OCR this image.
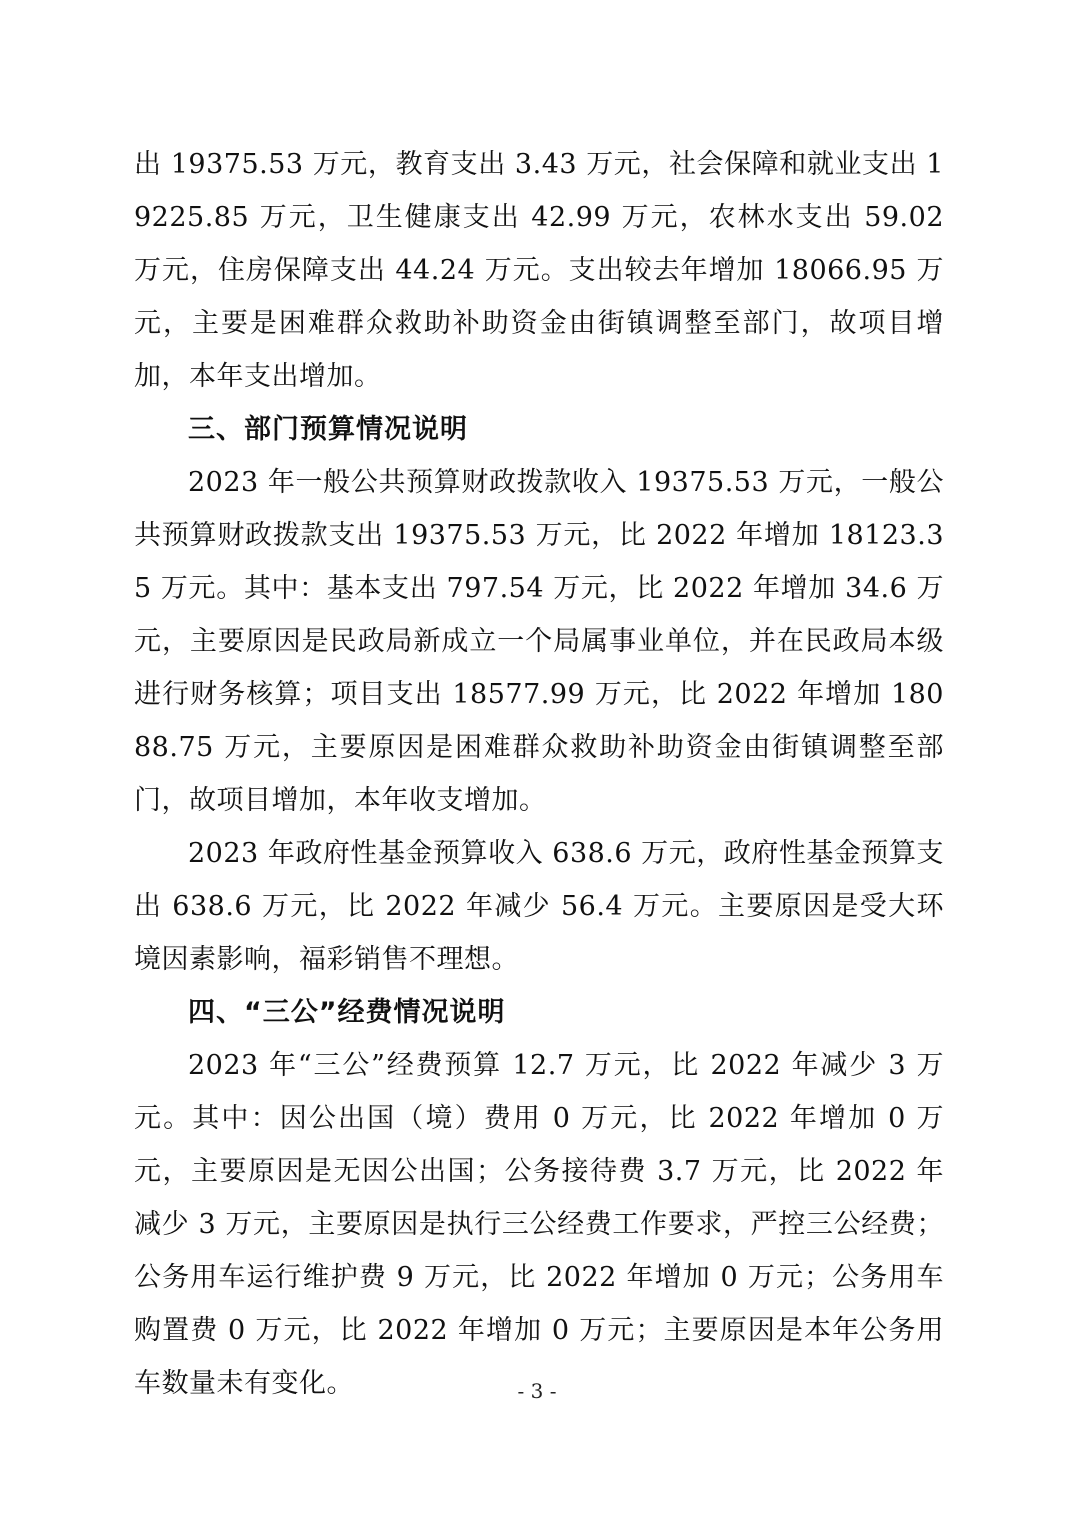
出 19375.53 万元，教育支出 3.43 万元，社会保障和就业支出 19225.85 万元，卫生健康支出 42.99 万元，农林水支出 59.02 万元，住房保障支出 44.24 万元。支出较去年增加 18066.95 万元，主要是困难群众救助补助资金由街镇调整至部门，故项目增加，本年支出增加。

三、部门预算情况说明

2023 年一般公共预算财政拨款收入 19375.53 万元，一般公共预算财政拨款支出 19375.53 万元，比 2022 年增加 18123.35 万元。其中：基本支出 797.54 万元，比 2022 年增加 34.6 万元，主要原因是民政局新成立一个局属事业单位，并在民政局本级进行财务核算；项目支出 18577.99 万元，比 2022 年增加 18088.75 万元，主要原因是困难群众救助补助资金由街镇调整至部门，故项目增加，本年收支增加。

2023 年政府性基金预算收入 638.6 万元，政府性基金预算支出 638.6 万元，比 2022 年减少 56.4 万元。主要原因是受大环境因素影响，福彩销售不理想。

四、“三公”经费情况说明

2023 年“三公”经费预算 12.7 万元，比 2022 年减少 3 万元。其中：因公出国（境）费用 0 万元，比 2022 年增加 0 万元，主要原因是无因公出国；公务接待费 3.7 万元，比 2022 年减少 3 万元，主要原因是执行三公经费工作要求，严控三公经费；公务用车运行维护费 9 万元，比 2022 年增加 0 万元；公务用车购置费 0 万元，比 2022 年增加 0 万元；主要原因是本年公务用车数量未有变化。	- 3 -
